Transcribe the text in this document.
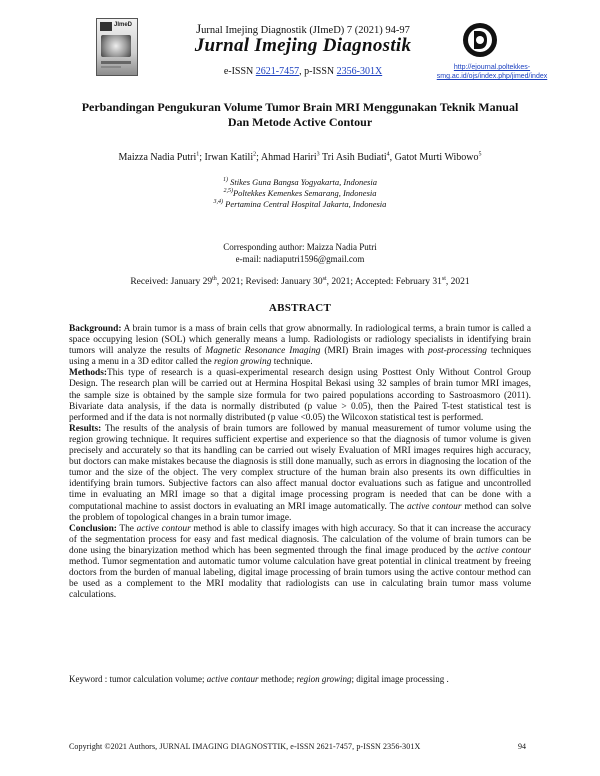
JImeD	Jurnal Imejing Diagnostik (JImeD) 7 (2021) 94-97
Jurnal Imejing Diagnostik
e-ISSN 2621-7457, p-ISSN 2356-301X	http://ejournal.poltekkes-smg.ac.id/ojs/index.php/jimed/index
Perbandingan Pengukuran Volume Tumor Brain MRI Menggunakan Teknik Manual Dan Metode Active Contour
Maizza Nadia Putri$^1$; Irwan Katili$^2$; Ahmad Hariri$^3$ Tri Asih Budiati$^4$, Gatot Murti Wibowo$^5$
$^{1)}$ Stikes Guna Bangsa Yogyakarta, Indonesia
$^{2,5)}$Poltekkes Kemenkes Semarang, Indonesia
$^{3,4)}$ Pertamina Central Hospital Jakarta, Indonesia
Corresponding author: Maizza Nadia Putri
e-mail: nadiaputri1596@gmail.com
Received: January 29th, 2021; Revised: January 30st, 2021; Accepted: February 31st, 2021
ABSTRACT

Background: A brain tumor is a mass of brain cells that grow abnormally. In radiological terms, a brain tumor is called a space occupying lesion (SOL) which generally means a lump. Radiologists or radiology specialists in identifying brain tumors will analyze the results of Magnetic Resonance Imaging (MRI) Brain images with post-processing techniques using a menu in a 3D editor called the region growing technique.

Methods:This type of research is a quasi-experimental research design using Posttest Only Without Control Group Design. The research plan will be carried out at Hermina Hospital Bekasi using 32 samples of brain tumor MRI images, the sample size is obtained by the sample size formula for two paired populations according to Sastroasmoro (2011). Bivariate data analysis, if the data is normally distributed (p value > 0.05), then the Paired T-test statistical test is performed and if the data is not normally distributed (p value <0.05) the Wilcoxon statistical test is performed.

Results: The results of the analysis of brain tumors are followed by manual measurement of tumor volume using the region growing technique. It requires sufficient expertise and experience so that the diagnosis of tumor volume is given precisely and accurately so that its handling can be carried out wisely Evaluation of MRI images requires high accuracy, but doctors can make mistakes because the diagnosis is still done manually, such as errors in diagnosing the location of the tumor and the size of the object. The very complex structure of the human brain also presents its own difficulties in identifying brain tumors. Subjective factors can also affect manual doctor evaluations such as fatigue and uncontrolled time in evaluating an MRI image so that a digital image processing program is needed that can be done with a computational machine to assist doctors in evaluating an MRI image automatically. The active contour method can solve the problem of topological changes in a brain tumor image.

Conclusion: The active contour method is able to classify images with high accuracy. So that it can increase the accuracy of the segmentation process for easy and fast medical diagnosis. The calculation of the volume of brain tumors can be done using the binaryization method which has been segmented through the final image produced by the active contour method. Tumor segmentation and automatic tumor volume calculation have great potential in clinical treatment by freeing doctors from the burden of manual labeling, digital image processing of brain tumors using the active contour method can be used as a complement to the MRI modality that radiologists can use in calculating brain tumor mass volume calculations.

Keyword : tumor calculation volume; active contaur methode; region growing; digital image processing .
Copyright ©2021 Authors, JURNAL IMAGING DIAGNOSTTIK, e-ISSN 2621-7457, p-ISSN 2356-301X	94
